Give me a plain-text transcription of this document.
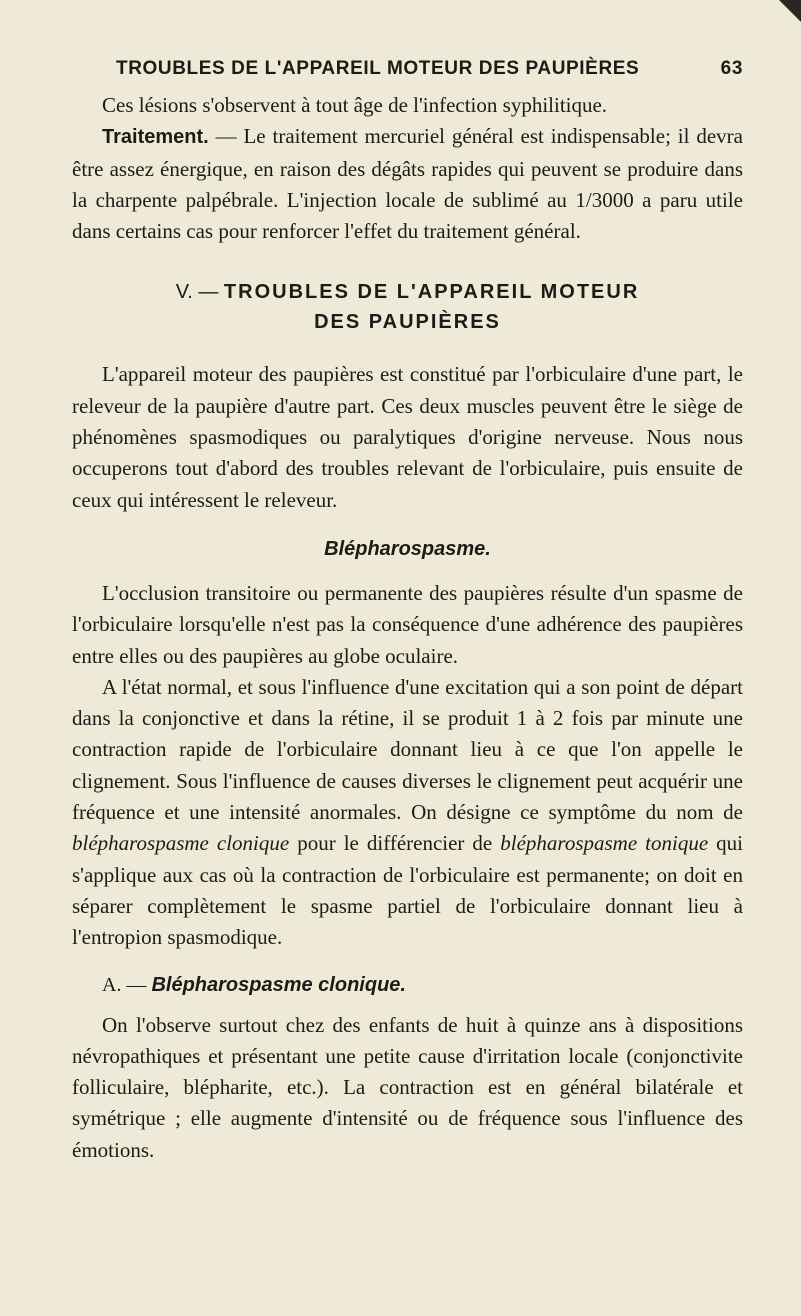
TROUBLES DE L'APPAREIL MOTEUR DES PAUPIÈRES	63

Ces lésions s'observent à tout âge de l'infection syphilitique.

Traitement. — Le traitement mercuriel général est indispensable; il devra être assez énergique, en raison des dégâts rapides qui peuvent se produire dans la charpente palpébrale. L'injection locale de sublimé au 1/3000 a paru utile dans certains cas pour renforcer l'effet du traitement général.

V. — TROUBLES DE L'APPAREIL MOTEUR
DES PAUPIÈRES

L'appareil moteur des paupières est constitué par l'orbiculaire d'une part, le releveur de la paupière d'autre part. Ces deux muscles peuvent être le siège de phénomènes spasmodiques ou paralytiques d'origine nerveuse. Nous nous occuperons tout d'abord des troubles relevant de l'orbiculaire, puis ensuite de ceux qui intéressent le releveur.

Blépharospasme.

L'occlusion transitoire ou permanente des paupières résulte d'un spasme de l'orbiculaire lorsqu'elle n'est pas la conséquence d'une adhérence des paupières entre elles ou des paupières au globe oculaire.

A l'état normal, et sous l'influence d'une excitation qui a son point de départ dans la conjonctive et dans la rétine, il se produit 1 à 2 fois par minute une contraction rapide de l'orbiculaire donnant lieu à ce que l'on appelle le clignement. Sous l'influence de causes diverses le clignement peut acquérir une fréquence et une intensité anormales. On désigne ce symptôme du nom de blépharospasme clonique pour le différencier de blépharospasme tonique qui s'applique aux cas où la contraction de l'orbiculaire est permanente; on doit en séparer complètement le spasme partiel de l'orbiculaire donnant lieu à l'entropion spasmodique.

A. — Blépharospasme clonique.

On l'observe surtout chez des enfants de huit à quinze ans à dispositions névropathiques et présentant une petite cause d'irritation locale (conjonctivite folliculaire, blépharite, etc.). La contraction est en général bilatérale et symétrique ; elle augmente d'intensité ou de fréquence sous l'influence des émotions.
